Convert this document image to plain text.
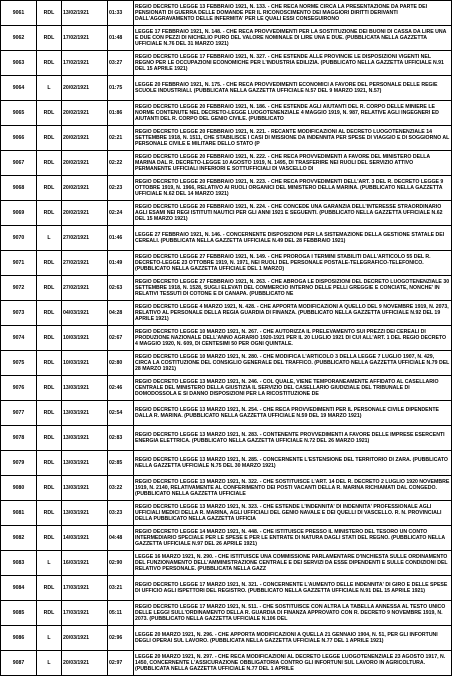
9061	RDL	13/02/1921	01:33	REGIO DECRETO LEGGE 13 FEBBRAIO 1921, N. 133. - CHE RECA NORME CIRCA LA PRESENTAZIONE DA PARTE DEI PENSIONATI DI GUERRA DELLE DOMANDE PER IL RICONOSCIMENTO DEI MAGGIORI DIRITTI DERIVANTI DALL'AGGRAVAMENTO DELLE INFERMITA' PER LE QUALI ESSI CONSEGUIRONO
9062	RDL	17/02/1921	01:48	LEGGE 17 FEBBRAIO 1921, N. 148. - CHE RECA PROVVEDIMENTI PER LA SOSTITUZIONE DEI BUONI DI CASSA DA LIRE UNA E DUE CON PEZZI DI NICHELIO PURO DEL VALORE NOMINALE DI LIRE UNA E DUE. (PUBBLICATA NELLA GAZZETTA UFFICIALE N.76 DEL 31 MARZO 1921)
9063	RDL	17/02/1921	03:27	REGIO DECRETO LEGGE 17 FEBBRAIO 1921, N. 327. - CHE ESTENDE ALLE PROVINCIE LE DISPOSIZIONI VIGENTI NEL REGNO PER LE OCCUPAZIONI ECONOMICHE PER L'INDUSTRIA EDILIZIA. (PUBBLICATO NELLA GAZZETTA UFFICIALE N.91 DEL 15 APRILE 1921)
9064	L	20/02/1921	01:75	LEGGE 20 FEBBRAIO 1921, N. 175. - CHE RECA PROVVEDIMENTI ECONOMICI A FAVORE DEL PERSONALE DELLE REGIE SCUOLE INDUSTRIALI. (PUBBLICATA NELLA GAZZETTA UFFICIALE N.57 DEL 9 MARZO 1921, N.57)
9065	RDL	20/02/1921	01:86	REGIO DECRETO LEGGE 20 FEBBRAIO 1921, N. 186. - CHE ESTENDE AGLI AIUTANTI DEL R. CORPO DELLE MINIERE LE NORME CONTENUTE NEL DECRETO-LEGGE LUOGOTENENZIALE 4 MAGGIO 1919, N. 987, RELATIVE AGLI INGEGNERI ED AIUTANTI DEL R. CORPO DEL GENIO CIVILE. (PUBBLICATO
9066	RDL	20/02/1921	02:21	REGIO DECRETO LEGGE 20 FEBBRAIO 1921, N. 221. - RECANTE MODIFICAZIONI AL DECRETO LUOGOTENENZIALE 14 SETTEMBRE 1918, N. 1511, CHE STABILISCE I CASI DI MISSIONE DA INDENNITA PER SPESE DI VIAGGIO E DI SOGGIORNO AL PERSONALE CIVILE E MILITARE DELLO STATO (P
9067	RDL	20/02/1921	02:22	REGIO DECRETO LEGGE 20 FEBBRAIO 1921, N. 222. - CHE RECA PROVVEDIMENTI A FAVORE DEL MINISTERO DELLA MARINA DAL R. DECRETO-LEGGE 10 AGOSTO 1919, N. 1495, DI TRASFERIRE NEI RUOLI DEL SERVIZIO ATTIVO PERMANENTE UFFICIALI INFERIORI E SOTTUFFICIALI DI VASCELLO DI
9068	RDL	20/02/1921	02:23	REGIO DECRETO LEGGE 20 FEBBRAIO 1921, N. 223. - CHE RECA PROVVEDIMENTI DELL'ART. 3 DEL R. DECRETO LEGGE 9 OTTOBRE 1919, N. 1966, RELATIVO AI RUOLI ORGANICI DEL MINISTERO DELLA MARINA. (PUBBLICATO NELLA GAZZETTA UFFICIALE N.62 DEL 14 MARZO 1921)
9069	RDL	20/02/1921	02:24	REGIO DECRETO LEGGE 20 FEBBRAIO 1921, N. 224. - CHE CONCEDE UNA GARANZIA DELL'INTERESSE STRAORDINARIO AGLI ESAMI NEI REGI ISTITUTI NAUTICI PER GLI ANNI 1921 E SEGUENTI. (PUBBLICATO NELLA GAZZETTA UFFICIALE N.62 DEL 15 MARZO 1921)
9070	L	27/02/1921	01:46	LEGGE 27 FEBBRAIO 1921, N. 146. - CONCERNENTE DISPOSIZIONI PER LA SISTEMAZIONE DELLA GESTIONE STATALE DEI CEREALI. (PUBBLICATA NELLA GAZZETTA UFFICIALE N.49 DEL 28 FEBBRAIO 1921)
9071	RDL	27/02/1921	01:49	REGIO DECRETO LEGGE 27 FEBBRAIO 1921, N. 149. - CHE PROROGA I TERMINI STABILITI DALL'ARTICOLO 55 DEL R. DECRETO-LEGGE 23 OTTOBRE 1919, N. 1971, NEI RUOLI DEL PERSONALE POSTALE-TELEGRAFICO-TELEFONICO. (PUBBLICATO NELLA GAZZETTA UFFICIALE DEL 1 MARZO)
9072	RDL	27/02/1921	02:63	REGIO DECRETO LEGGE 27 FEBBRAIO 1921, N. 263. - CHE ABROGA LE DISPOSIZIONI DEL DECRETO LUOGOTENENZIALE 30 SETTEMBRE 1918, N. 1528, SUGLI ELEVATI DEL COMMERCIO INTERNO DELLE PELLI GREGGIE E CONCIATE, NONCHE' IN RELATIVI TESSUTI DI COTONE E DI CANAPA. (PUBBLICATO NE
9073	RDL	04/03/1921	04:28	REGIO DECRETO LEGGE 4 MARZO 1921, N. 428. - CHE APPORTA MODIFICAZIONI A QUELLO DEL 9 NOVEMBRE 1919, N. 2073, RELATIVO AL PERSONALE DELLA REGIA GUARDIA DI FINANZA. (PUBBLICATO NELLA GAZZETTA UFFICIALE N.92 DEL 19 APRILE 1921)
9074	RDL	10/03/1921	02:67	REGIO DECRETO LEGGE 10 MARZO 1921, N. 267. - CHE AUTORIZZA IL PRELEVAMENTO SUI PREZZI DEI CEREALI DI PRODUZIONE NAZIONALE DELL'ANNO AGRARIO 1920-1921 PER IL 20 LUGLIO 1921 DI CUI ALL'ART. 1 DEL REGIO DECRETO 4 MAGGIO 1920, N. 609, DI CENTESIMI 50 PER OGNI QUINTALE.
9075	RDL	10/03/1921	02:80	REGIO DECRETO LEGGE 10 MARZO 1921, N. 280. - CHE MODIFICA L'ARTICOLO 3 DELLA LEGGE 7 LUGLIO 1907, N. 429, CIRCA LA COSTITUZIONE DEL CONSIGLIO GENERALE DEL TRAFFICO. (PUBBLICATO NELLA GAZZETTA UFFICIALE N.79 DEL 28 MARZO 1921)
9076	RDL	13/03/1921	02:46	REGIO DECRETO LEGGE 13 MARZO 1921, N. 246. - COL QUALE, VIENE TEMPORANEAMENTE AFFIDATO AL CASELLARIO CENTRALE DEL MINISTERO DELLA GIUSTIZIA IL SERVIZIO DEL CASELLARIO GIUDIZIALE DEL TRIBUNALE DI DOMODOSSOLA E SI DANNO DISPOSIZIONI PER LA RICOSTITUZIONE DE
9077	RDL	13/03/1921	02:54	REGIO DECRETO LEGGE 13 MARZO 1921, N. 254. - CHE RECA PROVVEDIMENTI PER IL PERSONALE CIVILE DIPENDENTE DALLA R. MARINA. (PUBBLICATO NELLA GAZZETTA UFFICIALE N.59 DEL 19 MARZO 1921)
9078	RDL	13/03/1921	02:83	REGIO DECRETO LEGGE 13 MARZO 1921, N. 283. - CONTENENTE PROVVEDIMENTI A FAVORE DELLE IMPRESE ESERCENTI ENERGIA ELETTRICA. (PUBBLICATO NELLA GAZZETTA UFFICIALE N.72 DEL 26 MARZO 1921)
9079	RDL	13/03/1921	02:85	REGIO DECRETO LEGGE 13 MARZO 1921, N. 285. - CONCERNENTE L'ESTENSIONE DEL TERRITORIO DI ZARA. (PUBBLICATO NELLA GAZZETTA UFFICIALE N.75 DEL 30 MARZO 1921)
9080	RDL	13/03/1921	03:22	REGIO DECRETO LEGGE 13 MARZO 1921, N. 322. - CHE SOSTITUISCE L'ART. 14 DEL R. DECRETO 2 LUGLIO 1920 NOVEMBRE 1919, N. 2140, RELATIVAMENTE AL CONFERIMENTO DEI POSTI VACANTI DELLA R. MARINA RICHIAMATI DAL CONGEDO. (PUBBLICATO NELLA GAZZETTA UFFICIALE
9081	RDL	13/03/1921	03:23	REGIO DECRETO LEGGE 13 MARZO 1921, N. 323. - CHE ESTENDE L'INDENNITA' DI INDENNITA' PROFESSIONALE AGLI UFFICIALI MEDICI DELLA R. MARINA, AGLI UFFICIALI DEL GENIO NAVALE E DEI QUELLI DI VASCELLO. R. N. PROVINCIALI DELLA PUBBLICATO NELLA GAZZETTA UFFICIA
9082	RDL	14/03/1921	04:48	REGIO DECRETO LEGGE 14 MARZO 1921, N. 448. - CHE ISTITUISCE PRESSO IL MINISTERO DEL TESORO UN CONTO INTERMEDIARIO SPECIALE PER LE SPESE E PER LE ENTRATE DI NATURA DAGLI STATI DEL REGNO. (PUBBLICATO NELLA GAZZETTA UFFICIALE N.97 DEL 26 APRILE 1921)
9083	L	16/03/1921	02:90	LEGGE 16 MARZO 1921, N. 290. - CHE ISTITUISCE UNA COMMISSIONE PARLAMENTARE D'INCHIESTA SULLE ORDINAMENTO DEL FUNZIONAMENTO DELL'AMMINISTRAZIONE CENTRALE E DEI SERVIZI DA ESSE DIPENDENTI E SULLE CONDIZIONI DEL RELATIVO PERSONALE. (PUBBLICATA NELLA GAZZ
9084	RDL	17/03/1921	03:21	REGIO DECRETO LEGGE 17 MARZO 1921, N. 321. - CONCERNENTE L'AUMENTO DELLE INDENNITA' DI GIRO E DELLE SPESE DI UFFICIO AGLI ISPETTORI DEL REGISTRO. (PUBBLICATO NELLA GAZZETTA UFFICIALE N.91 DEL 15 APRILE 1921)
9085	RDL	17/03/1921	05:11	REGIO DECRETO LEGGE 17 MARZO 1921, N. 511. - CHE SOSTITUISCE CON ALTRA LA TABELLA ANNESSA AL TESTO UNICO DELLE LEGGI SULL'ORDINAMENTO DELLA R. GUARDIA DI FINANZA APPROVATO CON R. DECRETO 9 NOVEMBRE 1919, N. 2073. (PUBBLICATO NELLA GAZZETTA UFFICIALE N.106 DEL
9086	L	20/03/1921	02:96	LEGGE 20 MARZO 1921, N. 296. - CHE APPORTA MODIFICAZIONI A QUELLA 21 GENNAIO 1904, N. 51, PER GLI INFORTUNI DEGLI OPERAI SUL LAVORO. (PUBBLICATA NELLA GAZZETTA UFFICIALE N.77 DEL 1 APRILE 1921)
9087	L	20/03/1921	02:97	LEGGE 20 MARZO 1921, N. 297. - CHE RECA MODIFICAZIONI AL DECRETO LEGGE LUOGOTENENZIALE 23 AGOSTO 1917, N. 1450, CONCERNENTE L'ASSICURAZIONE OBBLIGATORIA CONTRO GLI INFORTUNI SUL LAVORO IN AGRICOLTURA. (PUBBLICATA NELLA GAZZETTA UFFICIALE N.77 DEL 1 APRILE
